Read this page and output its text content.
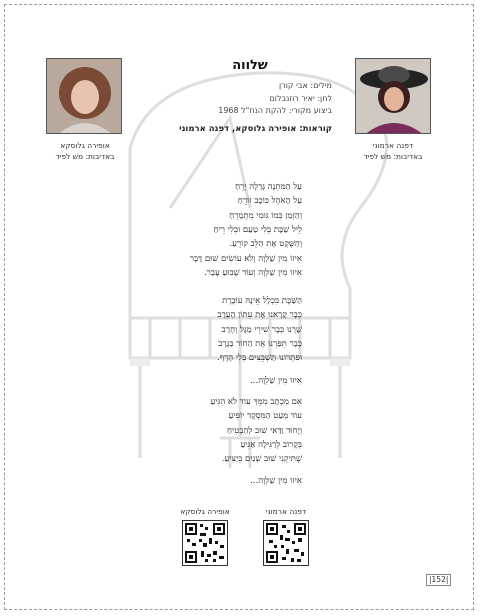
אופירה גלוסקא
באדיבות: משׁ לפיד
דפנה ארמוני
באדיבות: משׁ לפיד
שלווה
מילים: אבי קורן
לחן: יאיר רוזנבלום
ביצוע מקורי: להקת הנח"ל 1968
קוראות: אופירה גלוסקא, דפנה ארמוני
עַל הַמִּתְנָה גָּדְלָה יָרֵחַ
עַל הָאֹהֶל כּוֹכָב זוֹרֵחַ
וְהַזְּמַן כְּמוֹ גּוּמִי מִתְמָרֵחַ
לֵיל שַׁבָּת בְּלִי טַעַם וּבְלִי רֵיחַ
וְהַשֶּׁקֶט אֶת הַלֵּב קוֹרֵעַ.
אִיזוֹ מִין שַׁלְוָה וְלֹא עוֹשִׂים שׁוּם דָּבָר
אִיזוֹ מִין שַׁלְוָה וְעוֹד שָׁבוּעַ עָבַר.
הַשַּׁבָּת בִּכְלָל אֵינָהּ עוֹבֶרֶת
כְּבָר קָרָאנוּ אֶת עִתּוֹן הָעֶרֶב
שַׁרְנוּ כְּבָר שִׁירֵי מַגָּל וְחֶרֶב
כְּבָר תִּפַּרְנוּ אֶת הַחוֹר בַּגֶּרֶב
וּפִתְרוֹנוּ תַּשְׁבֵּצִים בְּלִי הֶרֶף.
אִיזוֹ מִין שַׁלְוָה...
אִם מִכְתָּב מִמֵּךְ עוֹד לֹא הִגִּיעַ
עוֹד מְעַט הַמִּסְקָד יוֹפִיעַ
וְיָחוּד וַדַּאי שׁוּב לְהַבְטִיחַ
בְּקָרוֹב לְרַגִּילָה אַגִּיעַ
שֶׁתִּיקְנִי שׁוּב שְׁנַיִם בְּיַצִּיעַ.
אִיזוֹ מִין שַׁלְוָה...
אופירה גלוסקא	דפנה ארמוני
|152|
